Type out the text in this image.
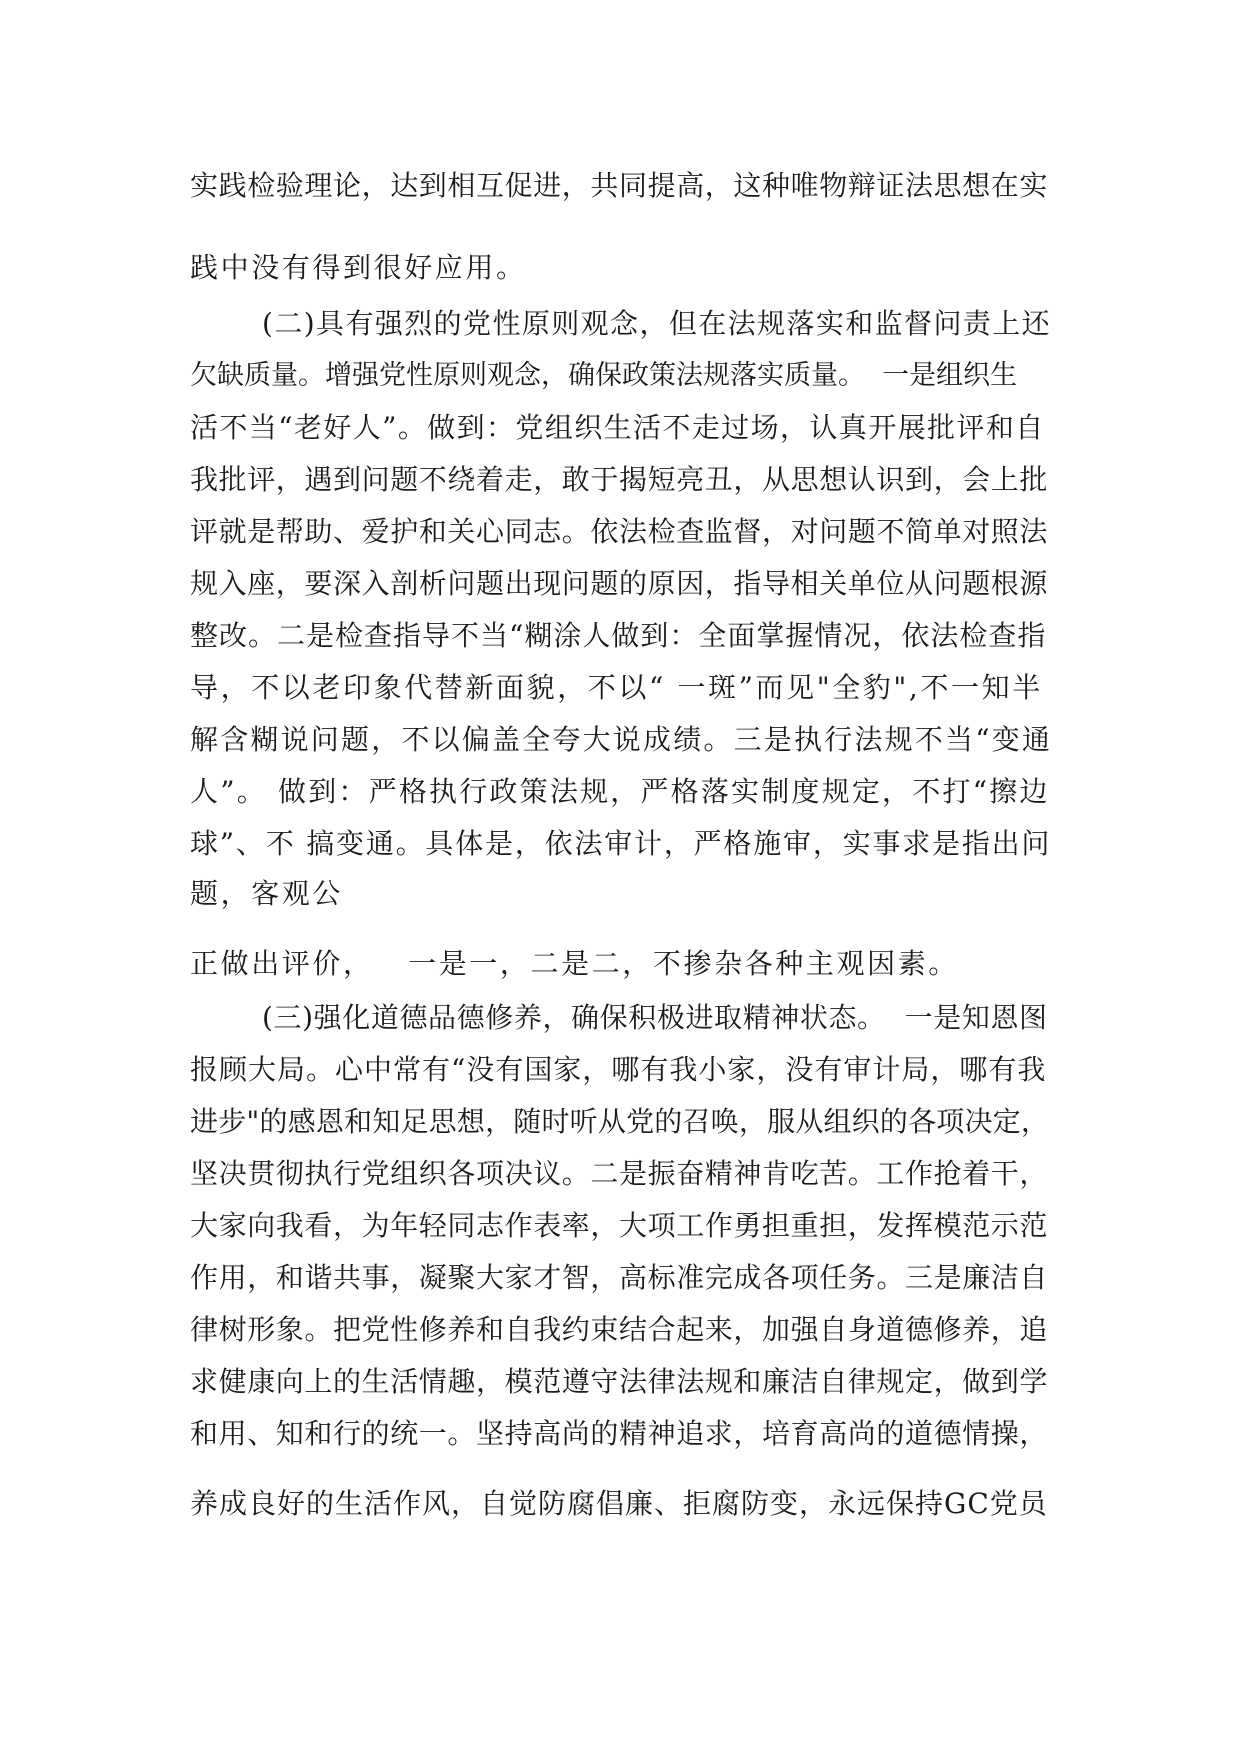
实践检验理论，达到相互促进，共同提高，这种唯物辩证法思想在实
践中没有得到很好应用。
(二)具有强烈的党性原则观念，但在法规落实和监督问责上还
欠缺质量。增强党性原则观念，确保政策法规落实质量。  一是组织生
活不当“老好人”。做到：党组织生活不走过场，认真开展批评和自
我批评，遇到问题不绕着走，敢于揭短亮丑，从思想认识到，会上批
评就是帮助、爱护和关心同志。依法检查监督，对问题不简单对照法
规入座，要深入剖析问题出现问题的原因，指导相关单位从问题根源
整改。二是检查指导不当“糊涂人做到：全面掌握情况，依法检查指
导，不以老印象代替新面貌，不以“ 一斑”而见"全豹",不一知半
解含糊说问题，不以偏盖全夸大说成绩。三是执行法规不当“变通
人”。 做到：严格执行政策法规，严格落实制度规定，不打“擦边
球”、不 搞变通。具体是，依法审计，严格施审，实事求是指出问
题，客观公
正做出评价，   一是一，二是二，不掺杂各种主观因素。
(三)强化道德品德修养，确保积极进取精神状态。  一是知恩图
报顾大局。心中常有“没有国家，哪有我小家，没有审计局，哪有我
进步"的感恩和知足思想，随时听从党的召唤，服从组织的各项决定，
坚决贯彻执行党组织各项决议。二是振奋精神肯吃苦。工作抢着干，
大家向我看，为年轻同志作表率，大项工作勇担重担，发挥模范示范
作用，和谐共事，凝聚大家才智，高标准完成各项任务。三是廉洁自
律树形象。把党性修养和自我约束结合起来，加强自身道德修养，追
求健康向上的生活情趣，模范遵守法律法规和廉洁自律规定，做到学
和用、知和行的统一。坚持高尚的精神追求，培育高尚的道德情操，
养成良好的生活作风，自觉防腐倡廉、拒腐防变，永远保持GC党员
